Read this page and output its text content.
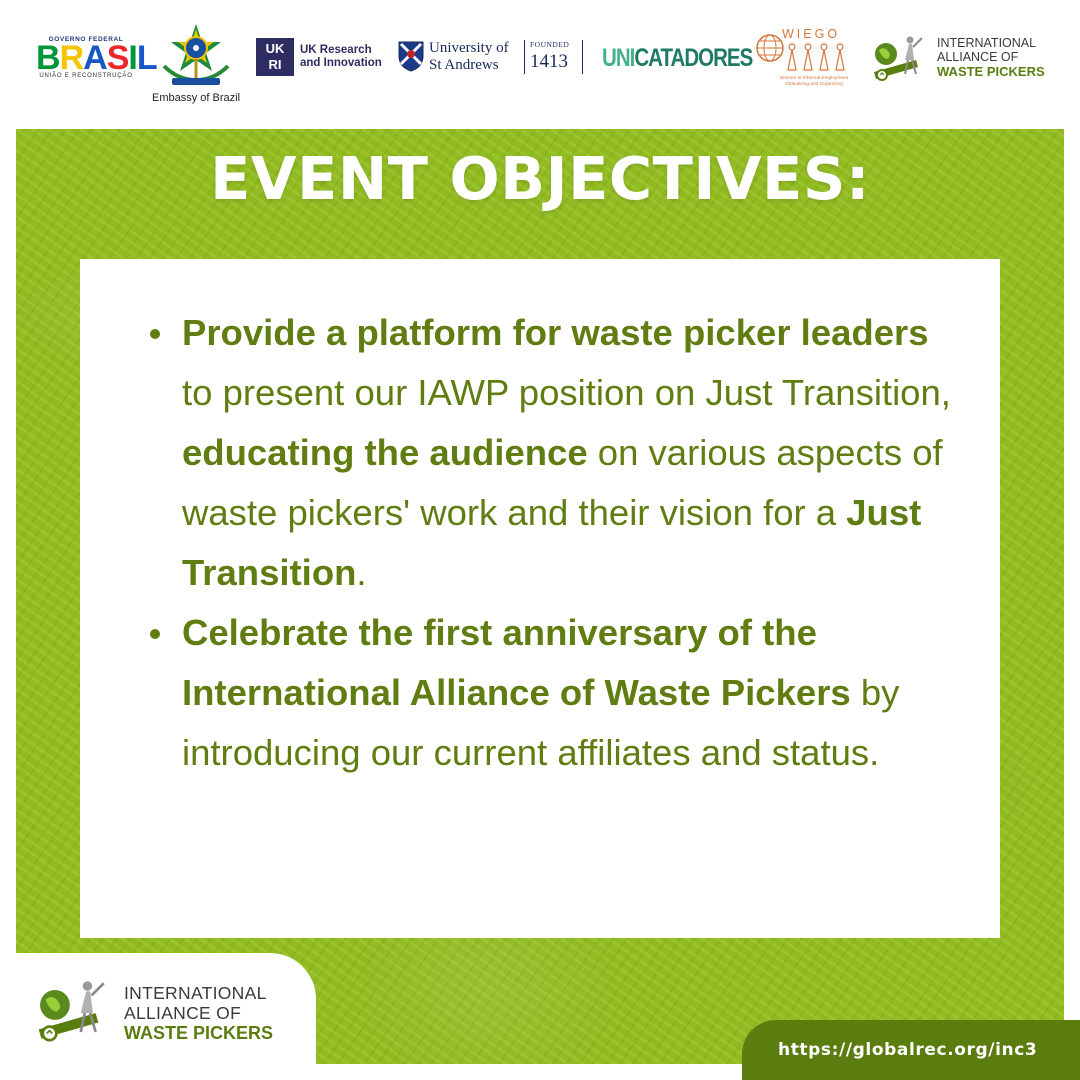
GOVERNO FEDERAL
BRASIL
UNIÃO E RECONSTRUÇÃO
Embassy of Brazil
UK
RI
UK Research
and Innovation
University of
St Andrews
FOUNDED
1413 UNICATADORES
WIEGO
Women in Informal Employment
Globalizing and Organizing
INTERNATIONAL
ALLIANCE OF
WASTE PICKERS
EVENT OBJECTIVES:
Provide a platform for waste picker leaders to present our IAWP position on Just Transition, educating the audience on various aspects of waste pickers' work and their vision for a Just Transition.
Celebrate the first anniversary of the International Alliance of Waste Pickers by introducing our current affiliates and status.
INTERNATIONAL
ALLIANCE OF
WASTE PICKERS
https://globalrec.org/inc3
